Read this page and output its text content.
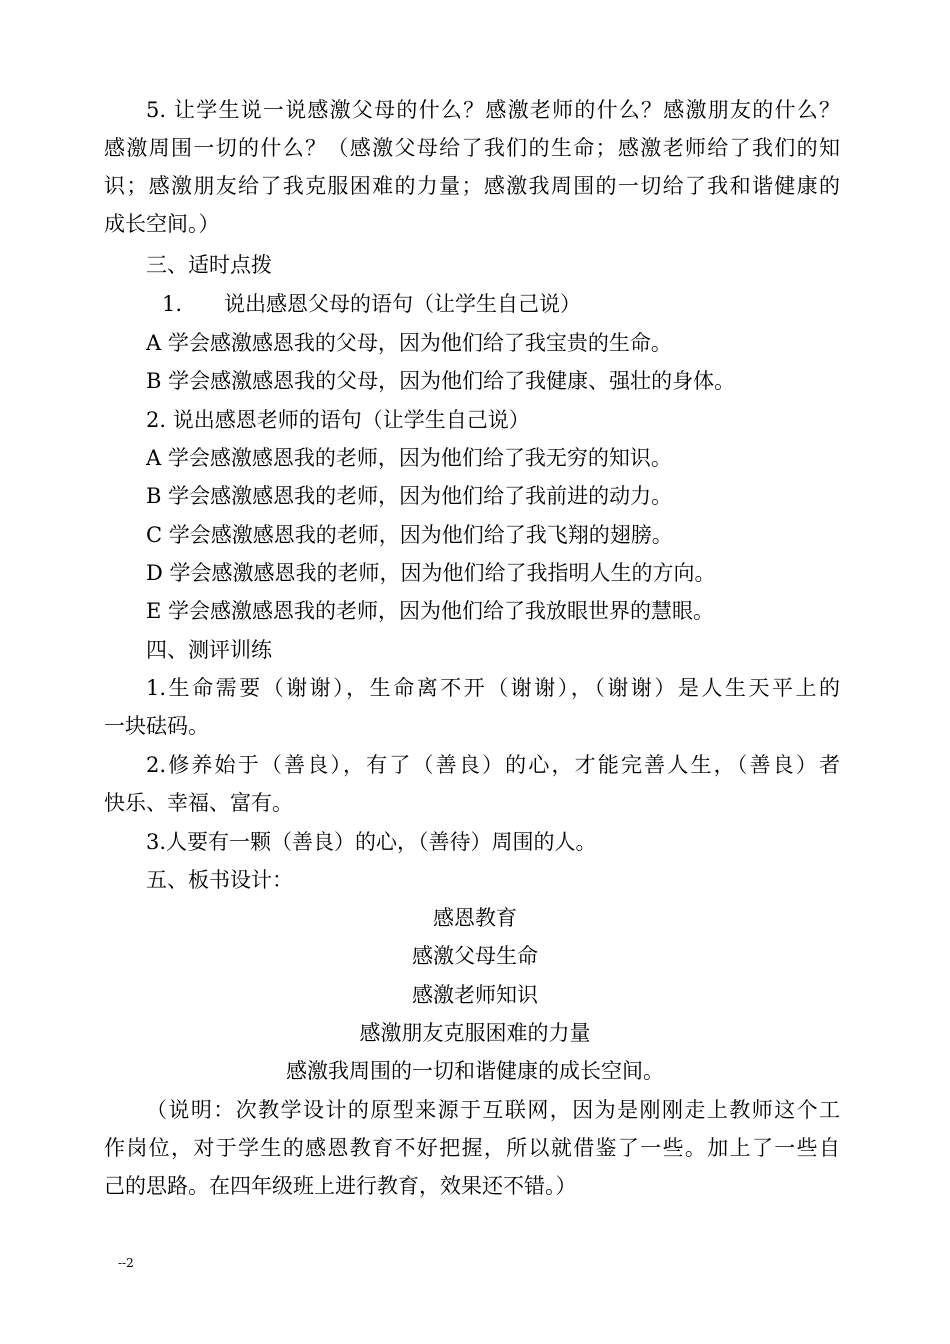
5. 让学生说一说感激父母的什么？感激老师的什么？感激朋友的什么？
感激周围一切的什么？（感激父母给了我们的生命；感激老师给了我们的知
识；感激朋友给了我克服困难的力量；感激我周围的一切给了我和谐健康的
成长空间。）
三、适时点拨
1.　　说出感恩父母的语句（让学生自己说）
A 学会感激感恩我的父母，因为他们给了我宝贵的生命。
B 学会感激感恩我的父母，因为他们给了我健康、强壮的身体。
2. 说出感恩老师的语句（让学生自己说）
A 学会感激感恩我的老师，因为他们给了我无穷的知识。
B 学会感激感恩我的老师，因为他们给了我前进的动力。
C 学会感激感恩我的老师，因为他们给了我飞翔的翅膀。
D 学会感激感恩我的老师，因为他们给了我指明人生的方向。
E 学会感激感恩我的老师，因为他们给了我放眼世界的慧眼。
四、测评训练
1.生命需要（谢谢），生命离不开（谢谢），（谢谢）是人生天平上的
一块砝码。
2.修养始于（善良），有了（善良）的心，才能完善人生，（善良）者
快乐、幸福、富有。
3.人要有一颗（善良）的心，（善待）周围的人。
五、板书设计：
感恩教育
感激父母生命
感激老师知识
感激朋友克服困难的力量
感激我周围的一切和谐健康的成长空间。
（说明：次教学设计的原型来源于互联网，因为是刚刚走上教师这个工
作岗位，对于学生的感恩教育不好把握，所以就借鉴了一些。加上了一些自
己的思路。在四年级班上进行教育，效果还不错。）
--2
